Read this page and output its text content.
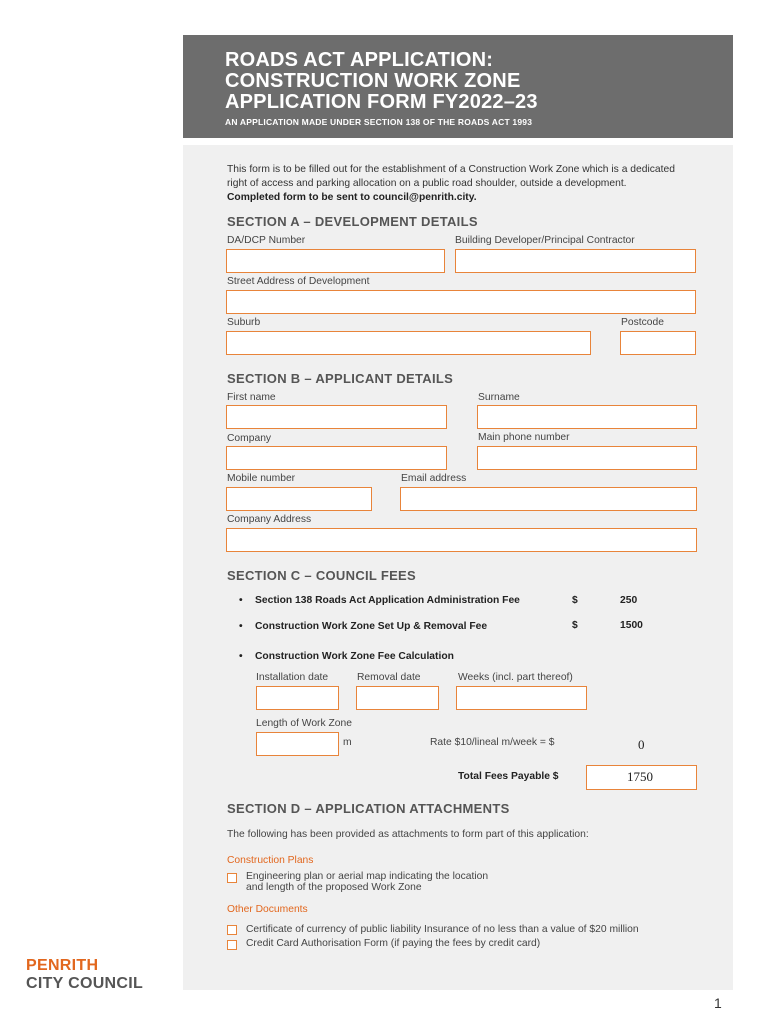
ROADS ACT APPLICATION:
CONSTRUCTION WORK ZONE
APPLICATION FORM FY2022–23
AN APPLICATION MADE UNDER SECTION 138 OF THE ROADS ACT 1993
This form is to be filled out for the establishment of a Construction Work Zone which is a dedicated right of access and parking allocation on a public road shoulder, outside a development. Completed form to be sent to council@penrith.city.
SECTION A – DEVELOPMENT DETAILS
DA/DCP Number	Building Developer/Principal Contractor
Street Address of Development
Suburb	Postcode
SECTION B – APPLICANT DETAILS
First name	Surname
Company	Main phone number
Mobile number	Email address
Company Address
SECTION C – COUNCIL FEES
• Section 138 Roads Act Application Administration Fee	$	250
• Construction Work Zone Set Up & Removal Fee	$	1500
• Construction Work Zone Fee Calculation
Installation date	Removal date	Weeks (incl. part thereof)
Length of Work Zone
m	Rate $10/lineal m/week = $	0
Total Fees Payable $	1750
SECTION D – APPLICATION ATTACHMENTS
The following has been provided as attachments to form part of this application:
Construction Plans
Engineering plan or aerial map indicating the location
and length of the proposed Work Zone
Other Documents
Certificate of currency of public liability Insurance of no less than a value of $20 million
Credit Card Authorisation Form (if paying the fees by credit card)
PENRITH
CITY COUNCIL
1
